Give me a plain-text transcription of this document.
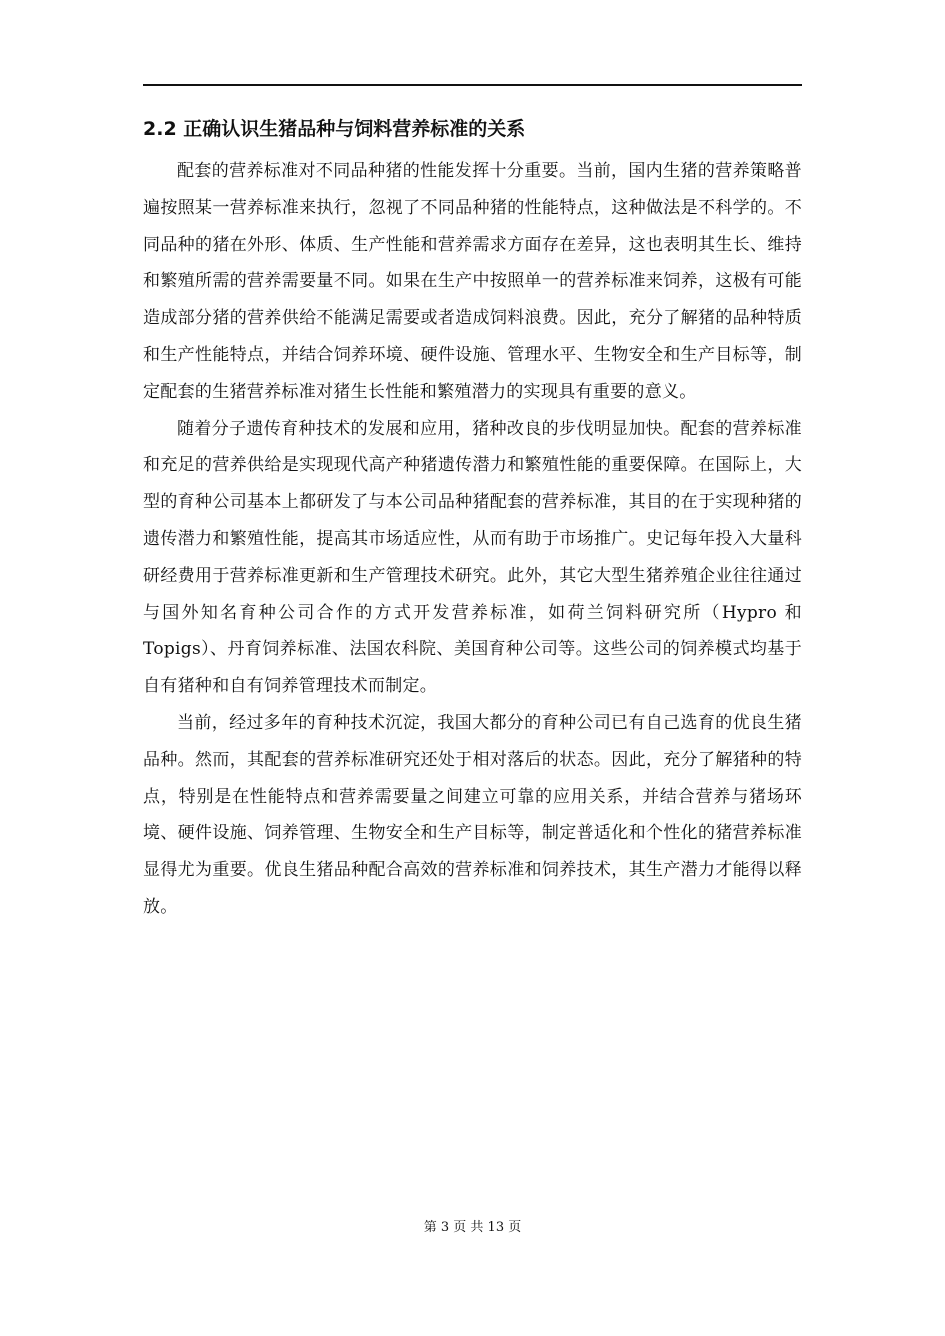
2.2 正确认识生猪品种与饲料营养标准的关系

配套的营养标准对不同品种猪的性能发挥十分重要。当前，国内生猪的营养策略普遍按照某一营养标准来执行，忽视了不同品种猪的性能特点，这种做法是不科学的。不同品种的猪在外形、体质、生产性能和营养需求方面存在差异，这也表明其生长、维持和繁殖所需的营养需要量不同。如果在生产中按照单一的营养标准来饲养，这极有可能造成部分猪的营养供给不能满足需要或者造成饲料浪费。因此，充分了解猪的品种特质和生产性能特点，并结合饲养环境、硬件设施、管理水平、生物安全和生产目标等，制定配套的生猪营养标准对猪生长性能和繁殖潜力的实现具有重要的意义。

随着分子遗传育种技术的发展和应用，猪种改良的步伐明显加快。配套的营养标准和充足的营养供给是实现现代高产种猪遗传潜力和繁殖性能的重要保障。在国际上，大型的育种公司基本上都研发了与本公司品种猪配套的营养标准，其目的在于实现种猪的遗传潜力和繁殖性能，提高其市场适应性，从而有助于市场推广。史记每年投入大量科研经费用于营养标准更新和生产管理技术研究。此外，其它大型生猪养殖企业往往通过与国外知名育种公司合作的方式开发营养标准，如荷兰饲料研究所（Hypro 和 Topigs）、丹育饲养标准、法国农科院、美国育种公司等。这些公司的饲养模式均基于自有猪种和自有饲养管理技术而制定。

当前，经过多年的育种技术沉淀，我国大都分的育种公司已有自己选育的优良生猪品种。然而，其配套的营养标准研究还处于相对落后的状态。因此，充分了解猪种的特点，特别是在性能特点和营养需要量之间建立可靠的应用关系，并结合营养与猪场环境、硬件设施、饲养管理、生物安全和生产目标等，制定普适化和个性化的猪营养标准显得尤为重要。优良生猪品种配合高效的营养标准和饲养技术，其生产潜力才能得以释放。

第 3 页 共 13 页
